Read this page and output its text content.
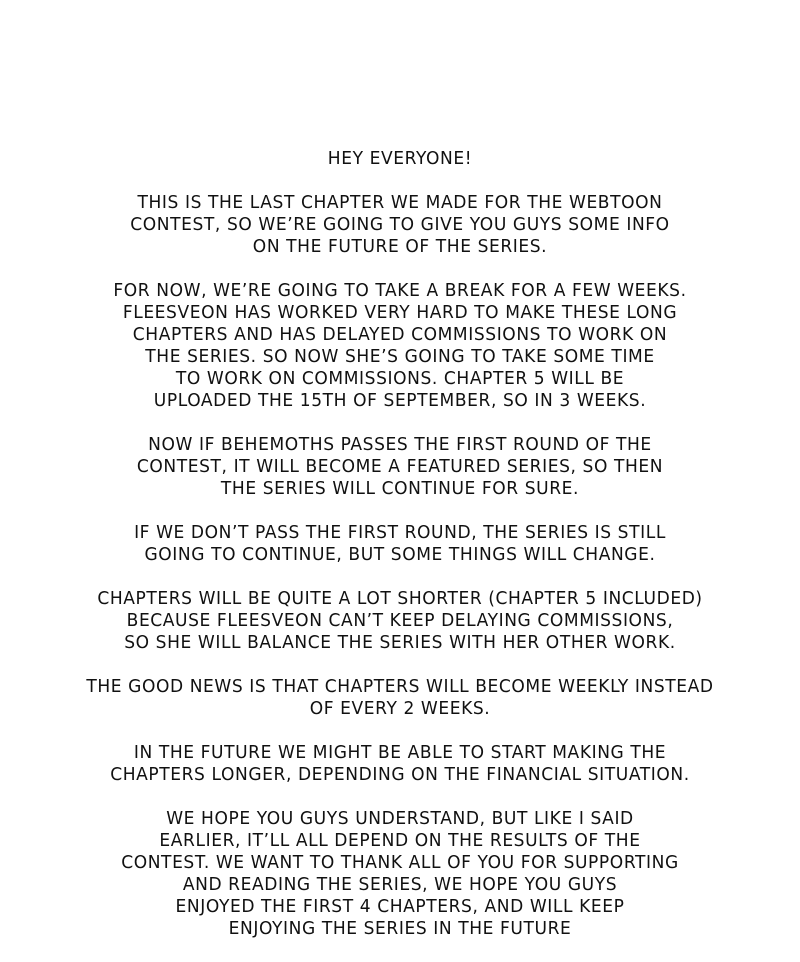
HEY EVERYONE!

THIS IS THE LAST CHAPTER WE MADE FOR THE WEBTOON
CONTEST, SO WE’RE GOING TO GIVE YOU GUYS SOME INFO
ON THE FUTURE OF THE SERIES.

FOR NOW, WE’RE GOING TO TAKE A BREAK FOR A FEW WEEKS.
FLEESVEON HAS WORKED VERY HARD TO MAKE THESE LONG
CHAPTERS AND HAS DELAYED COMMISSIONS TO WORK ON
THE SERIES. SO NOW SHE’S GOING TO TAKE SOME TIME
TO WORK ON COMMISSIONS. CHAPTER 5 WILL BE
UPLOADED THE 15TH OF SEPTEMBER, SO IN 3 WEEKS.

NOW IF BEHEMOTHS PASSES THE FIRST ROUND OF THE
CONTEST, IT WILL BECOME A FEATURED SERIES, SO THEN
THE SERIES WILL CONTINUE FOR SURE.

IF WE DON’T PASS THE FIRST ROUND, THE SERIES IS STILL
GOING TO CONTINUE, BUT SOME THINGS WILL CHANGE.

CHAPTERS WILL BE QUITE A LOT SHORTER (CHAPTER 5 INCLUDED)
BECAUSE FLEESVEON CAN’T KEEP DELAYING COMMISSIONS,
SO SHE WILL BALANCE THE SERIES WITH HER OTHER WORK.

THE GOOD NEWS IS THAT CHAPTERS WILL BECOME WEEKLY INSTEAD
OF EVERY 2 WEEKS.

IN THE FUTURE WE MIGHT BE ABLE TO START MAKING THE
CHAPTERS LONGER, DEPENDING ON THE FINANCIAL SITUATION.

WE HOPE YOU GUYS UNDERSTAND, BUT LIKE I SAID
EARLIER, IT’LL ALL DEPEND ON THE RESULTS OF THE
CONTEST. WE WANT TO THANK ALL OF YOU FOR SUPPORTING
AND READING THE SERIES, WE HOPE YOU GUYS
ENJOYED THE FIRST 4 CHAPTERS, AND WILL KEEP
ENJOYING THE SERIES IN THE FUTURE
